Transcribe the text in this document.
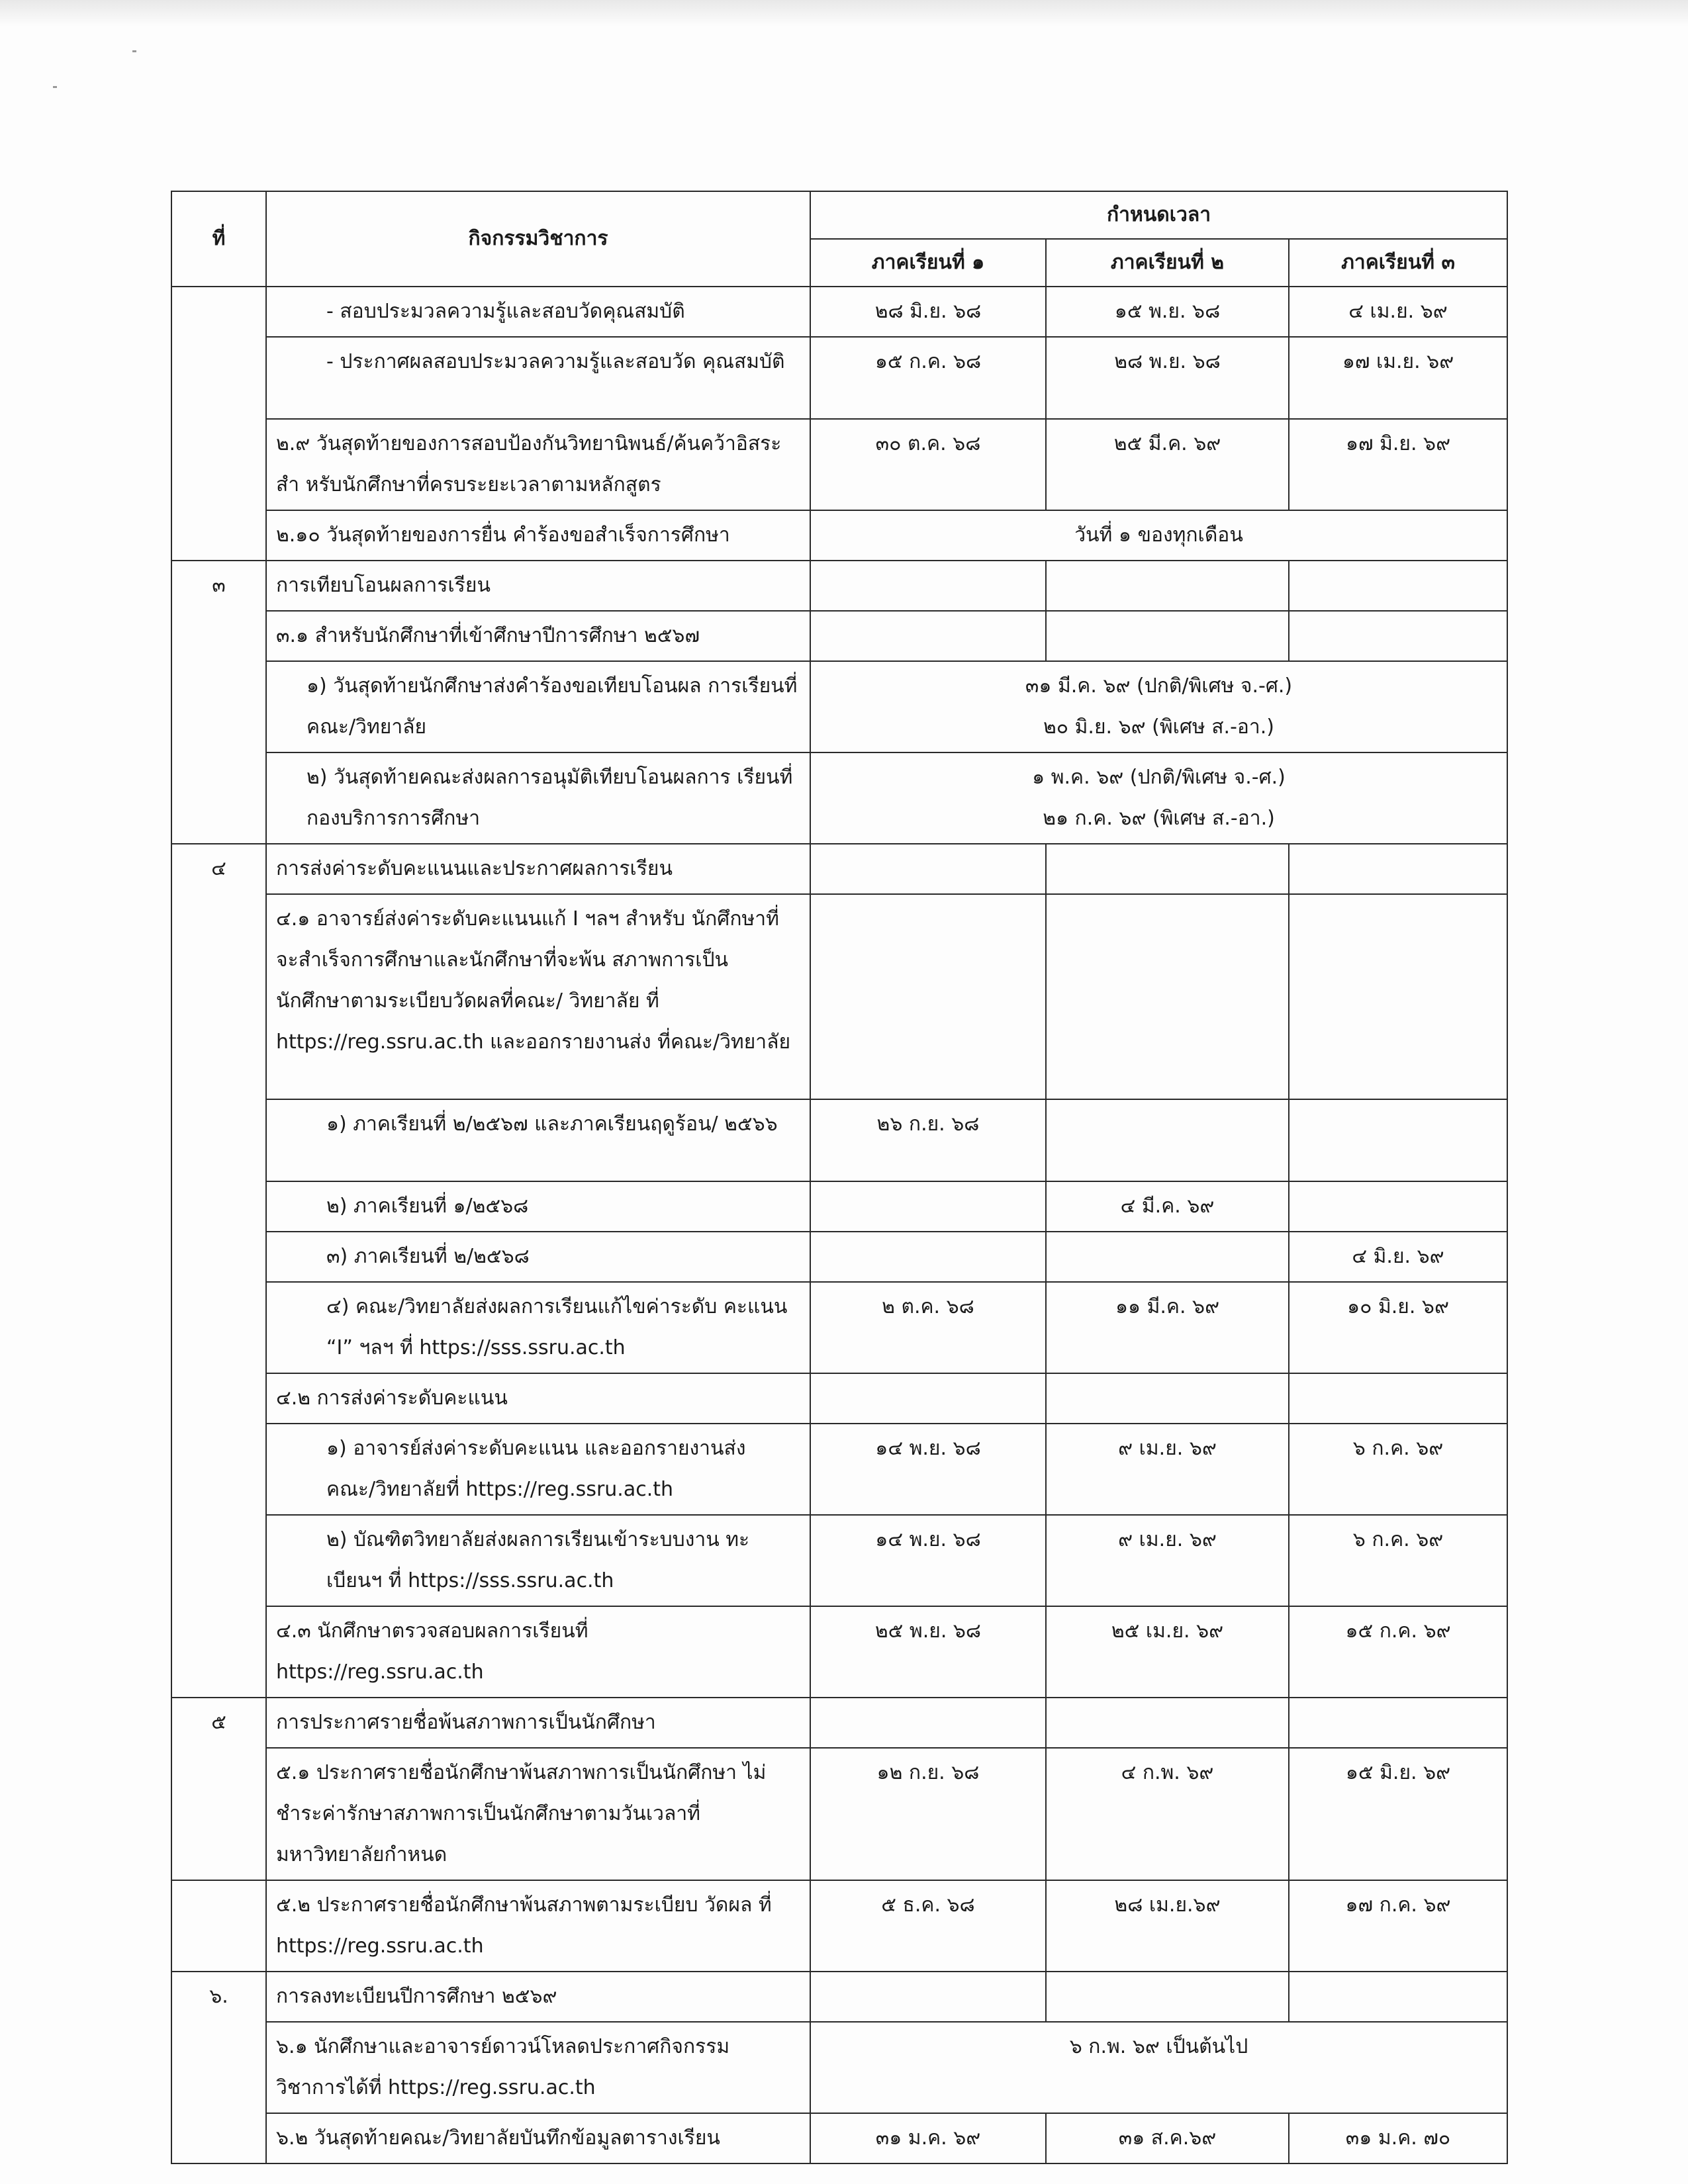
ที่	กิจกรรมวิชาการ	กำหนดเวลา		
		ภาคเรียนที่ ๑	ภาคเรียนที่ ๒	ภาคเรียนที่ ๓
	- สอบประมวลความรู้และสอบวัดคุณสมบัติ	๒๘ มิ.ย. ๖๘	๑๕ พ.ย. ๖๘	๔ เม.ย. ๖๙
	- ประกาศผลสอบประมวลความรู้และสอบวัด คุณสมบัติ	๑๕ ก.ค. ๖๘	๒๘ พ.ย. ๖๘	๑๗ เม.ย. ๖๙
	๒.๙ วันสุดท้ายของการสอบป้องกันวิทยานิพนธ์/ค้นคว้าอิสระสำ หรับนักศึกษาที่ครบระยะเวลาตามหลักสูตร	๓๐ ต.ค. ๖๘	๒๕ มี.ค. ๖๙	๑๗ มิ.ย. ๖๙
	๒.๑๐ วันสุดท้ายของการยื่น คำร้องขอสำเร็จการศึกษา	วันที่ ๑ ของทุกเดือน		
๓	การเทียบโอนผลการเรียน			
	๓.๑ สำหรับนักศึกษาที่เข้าศึกษาปีการศึกษา ๒๕๖๗			
	๑) วันสุดท้ายนักศึกษาส่งคำร้องขอเทียบโอนผล การเรียนที่คณะ/วิทยาลัย	๓๑ มี.ค. ๖๙ (ปกติ/พิเศษ จ.-ศ.)
๒๐ มิ.ย. ๖๙ (พิเศษ ส.-อา.)		

	๒) วันสุดท้ายคณะส่งผลการอนุมัติเทียบโอนผลการ เรียนที่กองบริการการศึกษา	๑ พ.ค. ๖๙ (ปกติ/พิเศษ จ.-ศ.)
๒๑ ก.ค. ๖๙ (พิเศษ ส.-อา.)		

๔	การส่งค่าระดับคะแนนและประกาศผลการเรียน			
	๔.๑ อาจารย์ส่งค่าระดับคะแนนแก้ I ฯลฯ สำหรับ นักศึกษาที่จะสำเร็จการศึกษาและนักศึกษาที่จะพ้น สภาพการเป็นนักศึกษาตามระเบียบวัดผลที่คณะ/ วิทยาลัย ที่ https://reg.ssru.ac.th และออกรายงานส่ง ที่คณะ/วิทยาลัย			
	๑) ภาคเรียนที่ ๒/๒๕๖๗ และภาคเรียนฤดูร้อน/ ๒๕๖๖	๒๖ ก.ย. ๖๘		
	๒) ภาคเรียนที่ ๑/๒๕๖๘		๔ มี.ค. ๖๙	
	๓) ภาคเรียนที่ ๒/๒๕๖๘			๔ มิ.ย. ๖๙
	๔) คณะ/วิทยาลัยส่งผลการเรียนแก้ไขค่าระดับ คะแนน “I” ฯลฯ ที่ https://sss.ssru.ac.th	๒ ต.ค. ๖๘	๑๑ มี.ค. ๖๙	๑๐ มิ.ย. ๖๙
	๔.๒ การส่งค่าระดับคะแนน			
	๑) อาจารย์ส่งค่าระดับคะแนน และออกรายงานส่ง คณะ/วิทยาลัยที่ https://reg.ssru.ac.th	๑๔ พ.ย. ๖๘	๙ เม.ย. ๖๙	๖ ก.ค. ๖๙
	๒) บัณฑิตวิทยาลัยส่งผลการเรียนเข้าระบบงาน ทะเบียนฯ ที่ https://sss.ssru.ac.th	๑๔ พ.ย. ๖๘	๙ เม.ย. ๖๙	๖ ก.ค. ๖๙
	๔.๓ นักศึกษาตรวจสอบผลการเรียนที่ https://reg.ssru.ac.th	๒๕ พ.ย. ๖๘	๒๕ เม.ย. ๖๙	๑๕ ก.ค. ๖๙
๕	การประกาศรายชื่อพ้นสภาพการเป็นนักศึกษา			
	๕.๑ ประกาศรายชื่อนักศึกษาพ้นสภาพการเป็นนักศึกษา ไม่ชำระค่ารักษาสภาพการเป็นนักศึกษาตามวันเวลาที่ มหาวิทยาลัยกำหนด	๑๒ ก.ย. ๖๘	๔ ก.พ. ๖๙	๑๕ มิ.ย. ๖๙
	๕.๒ ประกาศรายชื่อนักศึกษาพ้นสภาพตามระเบียบ วัดผล ที่ https://reg.ssru.ac.th	๕ ธ.ค. ๖๘	๒๘ เม.ย.๖๙	๑๗ ก.ค. ๖๙
๖.	การลงทะเบียนปีการศึกษา ๒๕๖๙			
	๖.๑ นักศึกษาและอาจารย์ดาวน์โหลดประกาศกิจกรรม วิชาการได้ที่ https://reg.ssru.ac.th	๖ ก.พ. ๖๙ เป็นต้นไป		
	๖.๒ วันสุดท้ายคณะ/วิทยาลัยบันทึกข้อมูลตารางเรียน	๓๑ ม.ค. ๖๙	๓๑ ส.ค.๖๙	๓๑ ม.ค. ๗๐
